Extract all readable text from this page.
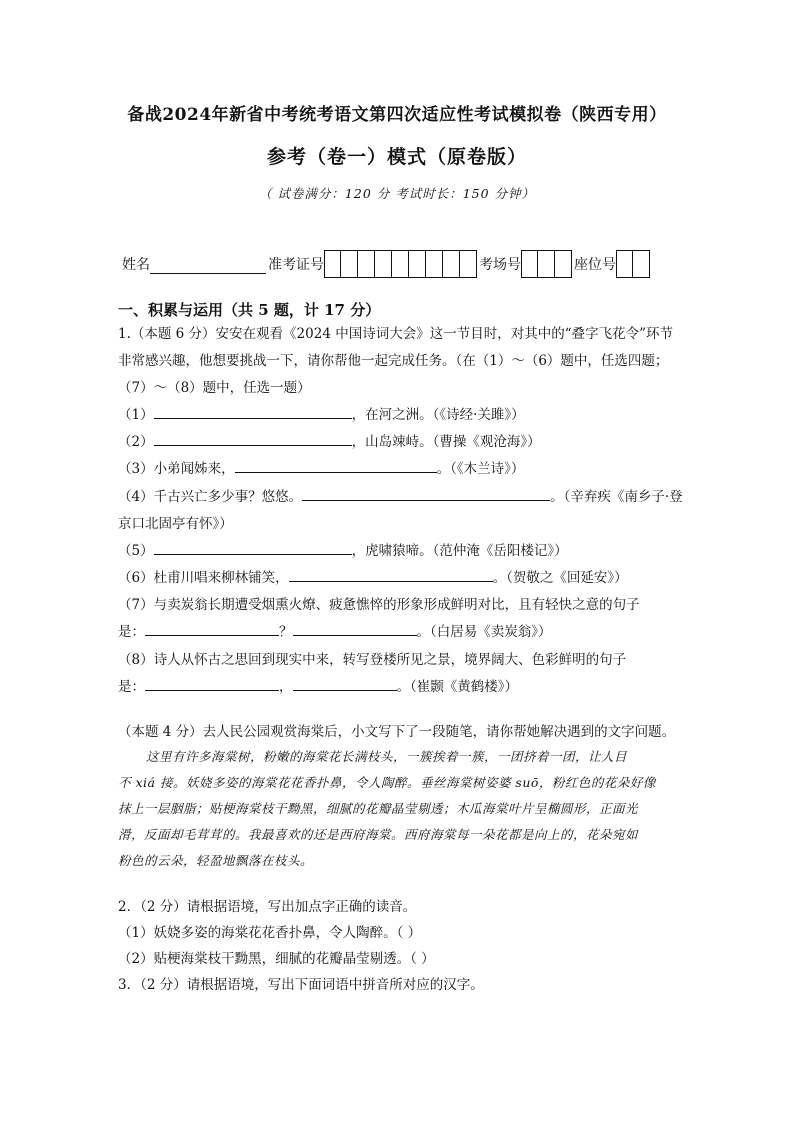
备战2024年新省中考统考语文第四次适应性考试模拟卷（陕西专用）
参考（卷一）模式（原卷版）
（ 试卷满分：120 分 考试时长：150 分钟）
姓名	准考证号	考场号	座位号
一、积累与运用（共 5 题，计 17 分）
1.（本题 6 分）安安在观看《2024 中国诗词大会》这一节目时，对其中的“叠字飞花令”环节
非常感兴趣，他想要挑战一下，请你帮他一起完成任务。（在（1）～（6）题中，任选四题；
（7）～（8）题中，任选一题）
（1）	，在河之洲。（《诗经·关雎》）
（2）	，山岛竦峙。（曹操《观沧海》）
（3）小弟闻姊来，	。（《木兰诗》）
（4）千古兴亡多少事？悠悠。	。（辛弃疾《南乡子·登
京口北固亭有怀》）
（5）	，虎啸猿啼。（范仲淹《岳阳楼记》）
（6）杜甫川唱来柳林铺笑，	。（贺敬之《回延安》）
（7）与卖炭翁长期遭受烟熏火燎、疲惫憔悴的形象形成鲜明对比，且有轻快之意的句子
是：	？	。（白居易《卖炭翁》）
（8）诗人从怀古之思回到现实中来，转写登楼所见之景，境界阔大、色彩鲜明的句子
是：	，	。（崔颢《黄鹤楼》）
（本题 4 分）去人民公园观赏海棠后，小文写下了一段随笔，请你帮她解决遇到的文字问题。

这里有许多海棠树，粉嫩的海棠花长满枝头，一簇挨着一簇，一团挤着一团，让人目

不 xiá 接。妖娆多姿的海棠花花香扑鼻，令人陶醉。垂丝海棠树姿婆 suō，粉红色的花朵好像

抹上一层胭脂；贴梗海棠枝干黝黑，细腻的花瓣晶莹剔透；木瓜海棠叶片呈椭圆形，正面光

滑，反面却毛茸茸的。我最喜欢的还是西府海棠。西府海棠每一朵花都是向上的，花朵宛如

粉色的云朵，轻盈地飘落在枝头。

2．（2 分）请根据语境，写出加点字正确的读音。
（1）妖娆多姿的海棠花花香扑鼻，令人陶醉。（ ）
（2）贴梗海棠枝干黝黑，细腻的花瓣晶莹剔透。（ ）
3．（2 分）请根据语境，写出下面词语中拼音所对应的汉字。
